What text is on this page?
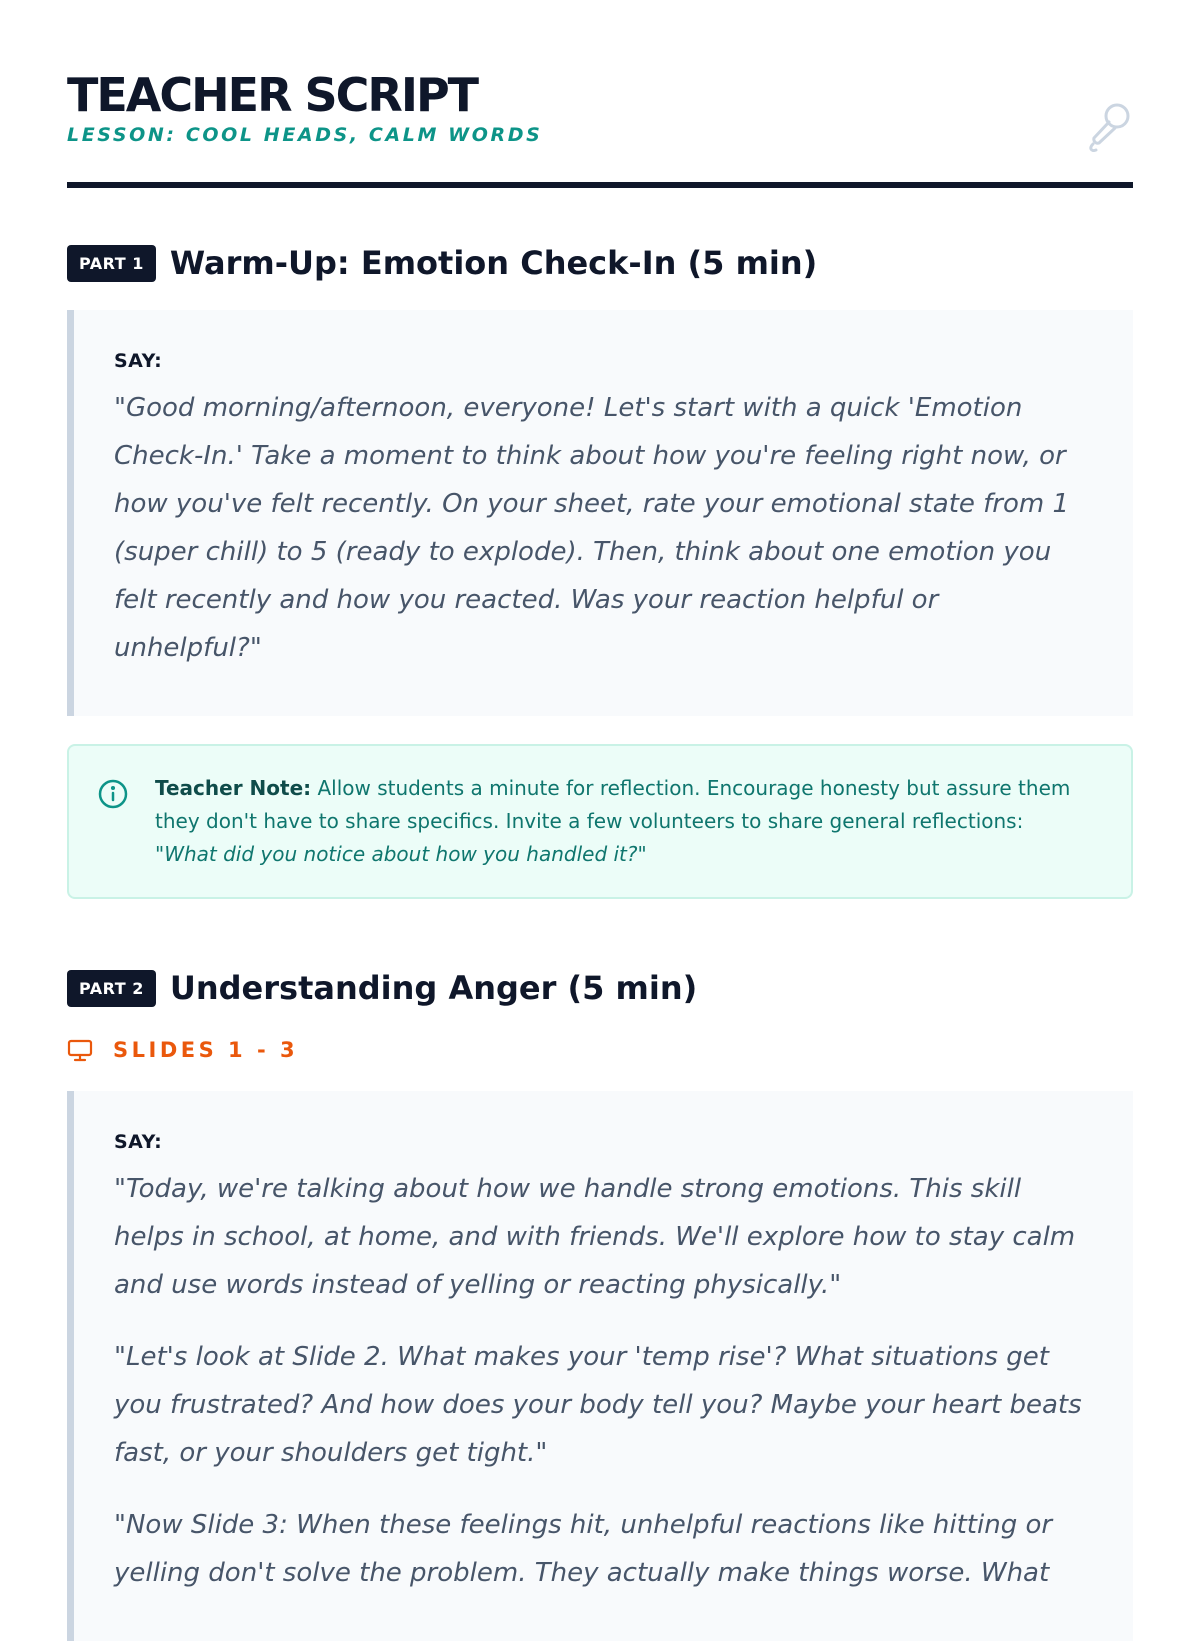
TEACHER SCRIPT
LESSON: COOL HEADS, CALM WORDS
PART 1 Warm-Up: Emotion Check-In (5 min)
SAY:

"Good morning/afternoon, everyone! Let's start with a quick 'Emotion Check-In.' Take a moment to think about how you're feeling right now, or how you've felt recently. On your sheet, rate your emotional state from 1 (super chill) to 5 (ready to explode). Then, think about one emotion you felt recently and how you reacted. Was your reaction helpful or unhelpful?"

Teacher Note: Allow students a minute for reflection. Encourage honesty but assure them they don't have to share specifics. Invite a few volunteers to share general reflections:
"What did you notice about how you handled it?"
PART 2 Understanding Anger (5 min)
SLIDES 1 - 3
SAY:

"Today, we're talking about how we handle strong emotions. This skill helps in school, at home, and with friends. We'll explore how to stay calm and use words instead of yelling or reacting physically."

"Let's look at Slide 2. What makes your 'temp rise'? What situations get you frustrated? And how does your body tell you? Maybe your heart beats fast, or your shoulders get tight."

"Now Slide 3: When these feelings hit, unhelpful reactions like hitting or yelling don't solve the problem. They actually make things worse. What
